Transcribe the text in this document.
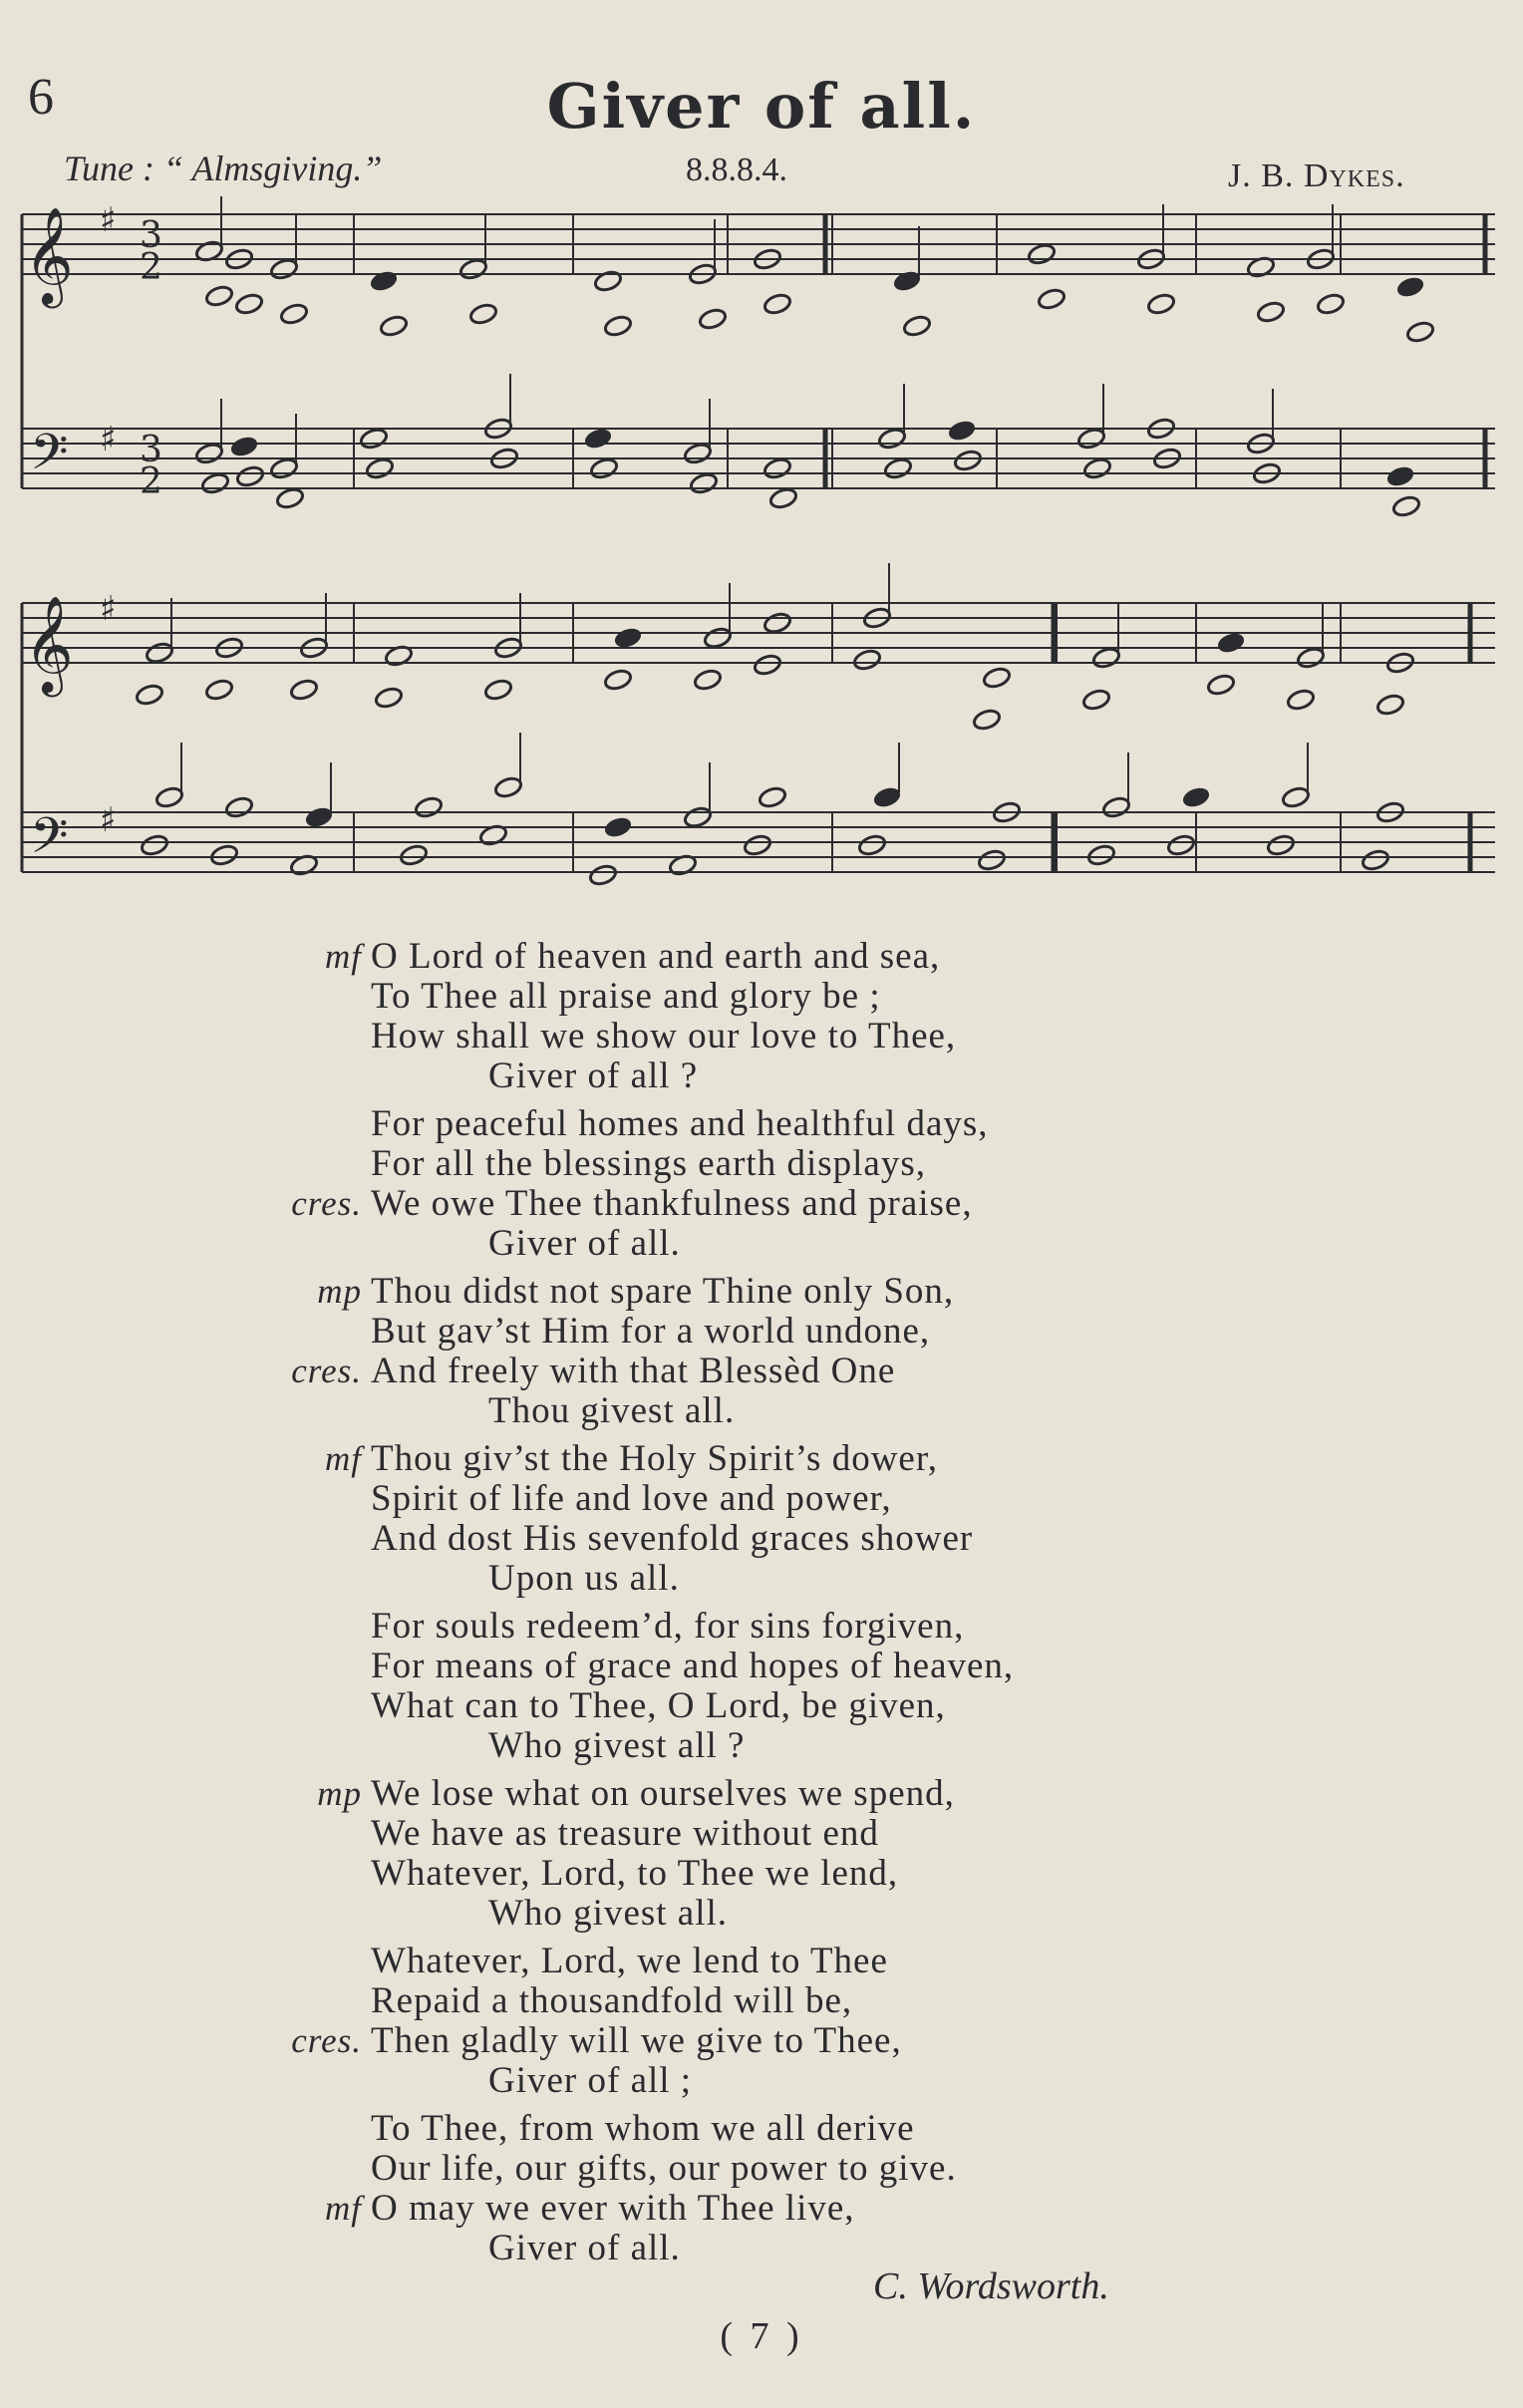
6	Giver of all.
Tune : “ Almsgiving.”	8.8.8.4.	J. B. Dykes.
𝄞
𝄢
𝄞
𝄢
♯
♯
♯
♯
3
2
3
2
mf O Lord of heaven and earth and sea,
To Thee all praise and glory be ;
How shall we show our love to Thee,
Giver of all ?
For peaceful homes and healthful days,
For all the blessings earth displays,
cres. We owe Thee thankfulness and praise,
Giver of all.
mp Thou didst not spare Thine only Son,
But gav’st Him for a world undone,
cres. And freely with that Blessèd One
Thou givest all.
mf Thou giv’st the Holy Spirit’s dower,
Spirit of life and love and power,
And dost His sevenfold graces shower
Upon us all.
For souls redeem’d, for sins forgiven,
For means of grace and hopes of heaven,
What can to Thee, O Lord, be given,
Who givest all ?
mp We lose what on ourselves we spend,
We have as treasure without end
Whatever, Lord, to Thee we lend,
Who givest all.
Whatever, Lord, we lend to Thee
Repaid a thousandfold will be,
cres. Then gladly will we give to Thee,
Giver of all ;
To Thee, from whom we all derive
Our life, our gifts, our power to give.
mf O may we ever with Thee live,
Giver of all.
C. Wordsworth.
( 7 )
